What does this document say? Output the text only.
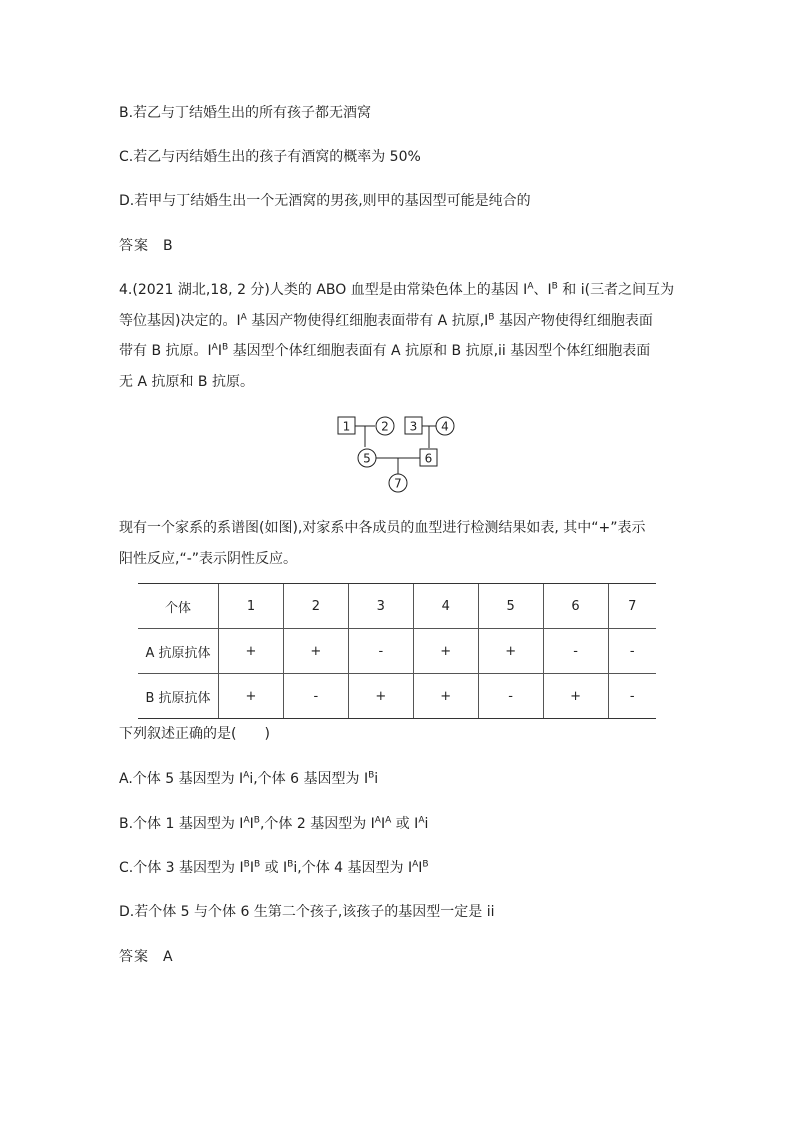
B.若乙与丁结婚生出的所有孩子都无酒窝
C.若乙与丙结婚生出的孩子有酒窝的概率为 50%
D.若甲与丁结婚生出一个无酒窝的男孩,则甲的基因型可能是纯合的
答案 B
4.(2021 湖北,18, 2 分)人类的 ABO 血型是由常染色体上的基因 $I^A$、$I^B$ 和 i(三者之间互为
等位基因)决定的。$I^A$ 基因产物使得红细胞表面带有 A 抗原$,I^B$ 基因产物使得红细胞表面
带有 B 抗原。$I^AI^B$ 基因型个体红细胞表面有 A 抗原和 B 抗原,ii 基因型个体红细胞表面
无 A 抗原和 B 抗原。
1	2 3 4
5	6
7
现有一个家系的系谱图(如图),对家系中各成员的血型进行检测结果如表, 其中“+”表示
阳性反应,“-”表示阴性反应。
个体	1	2	3	4	5	6	7
A 抗原抗体	+	+	-	+	+	-	-
B 抗原抗体	+	-	+	+	-	+	-
下列叙述正确的是(　　)
A.个体 5 基因型为 $I^Ai$,个体 6 基因型为 $I^Bi$
B.个体 1 基因型为 $I^AI^B$,个体 2 基因型为 $I^AI^A$ 或 $I^Ai$
C.个体 3 基因型为 $I^BI^B$ 或 $I^Bi$,个体 4 基因型为 $I^AI^B$
D.若个体 5 与个体 6 生第二个孩子,该孩子的基因型一定是 ii
答案 A
